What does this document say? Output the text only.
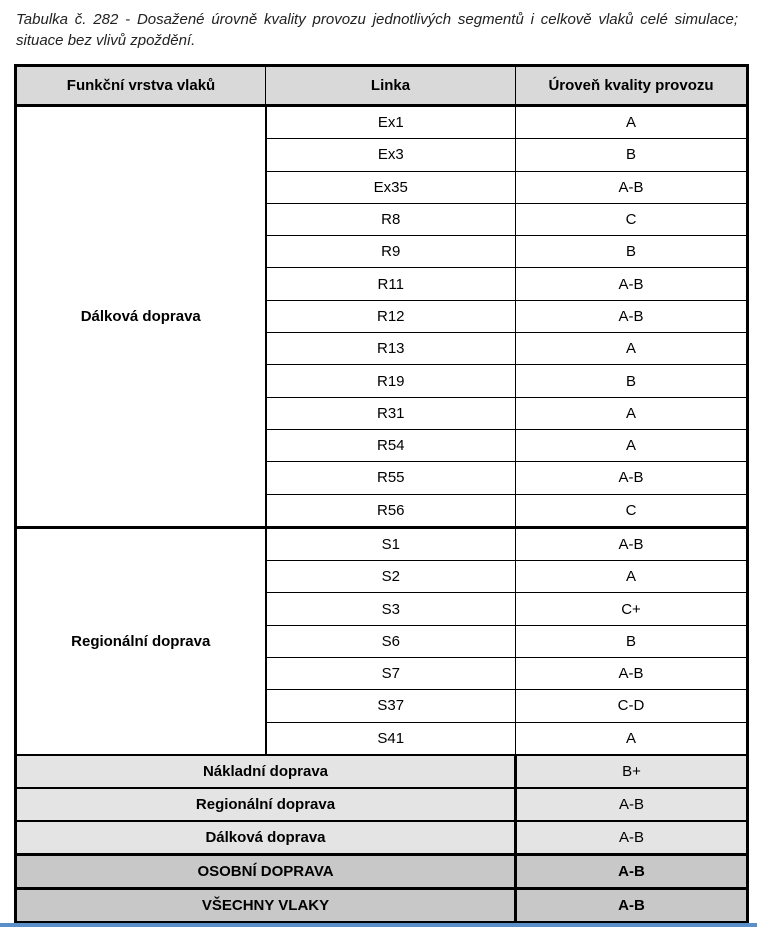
Tabulka č. 282 - Dosažené úrovně kvality provozu jednotlivých segmentů i celkově vlaků celé simulace; situace bez vlivů zpoždění.
Funkční vrstva vlaků	Linka	Úroveň kvality provozu
Dálková doprava	Ex1	A
	Ex3	B
	Ex35	A-B
	R8	C
	R9	B
	R11	A-B
	R12	A-B
	R13	A
	R19	B
	R31	A
	R54	A
	R55	A-B
	R56	C
Regionální doprava	S1	A-B
	S2	A
	S3	C+
	S6	B
	S7	A-B
	S37	C-D
	S41	A
Nákladní doprava		B+
Regionální doprava		A-B
Dálková doprava		A-B
OSOBNÍ DOPRAVA		A-B
VŠECHNY VLAKY		A-B
